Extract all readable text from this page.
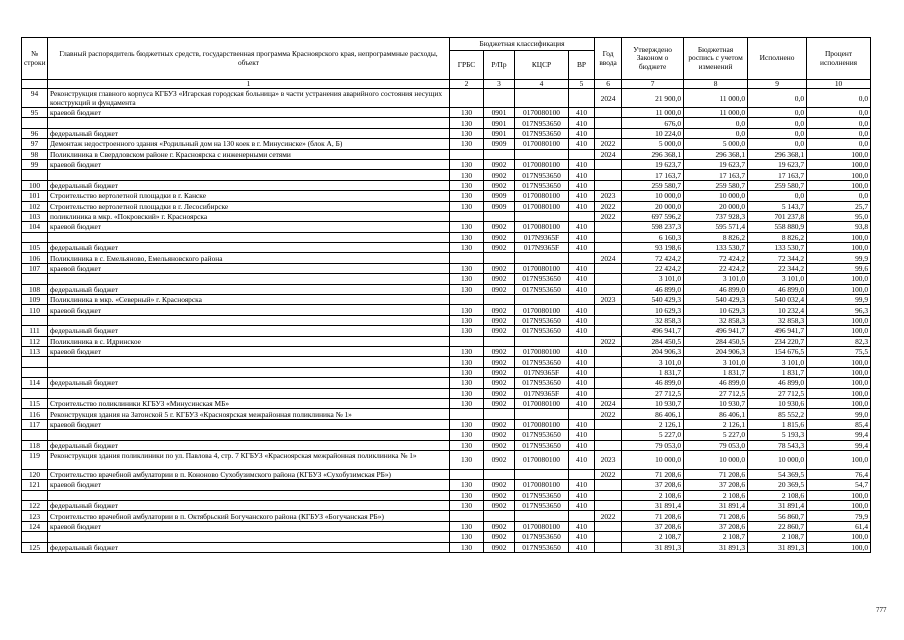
№ строки	Главный распорядитель бюджетных средств, государственная программа Красноярского края, непрограммные расходы, объект	Бюджетная классификация				Год ввода	Утверждено Законом о бюджете	Бюджетная роспись с учетом изменений	Исполнено	Процент исполнения
		ГРБС	Р/Пр	КЦСР	ВР					
	1	2	3	4	5	6	7	8	9	10
94	Реконструкция главного корпуса КГБУЗ «Игарская городская больница» в части устранения аварийного состояния несущих конструкций и фундамента					2024	21 900,0	11 000,0	0,0	0,0
95	краевой бюджет	130	0901	0170080100	410		11 000,0	11 000,0	0,0	0,0
		130	0901	017N953650	410		676,0	0,0	0,0	0,0
96	федеральный бюджет	130	0901	017N953650	410		10 224,0	0,0	0,0	0,0
97	Демонтаж недостроенного здания «Родильный дом на 130 коек в г. Минусинске» (блок А, Б)	130	0909	0170080100	410	2022	5 000,0	5 000,0	0,0	0,0
98	Поликлиника в Свердловском районе г. Красноярска с инженерными сетями					2024	296 368,1	296 368,1	296 368,1	100,0
99	краевой бюджет	130	0902	0170080100	410		19 623,7	19 623,7	19 623,7	100,0
		130	0902	017N953650	410		17 163,7	17 163,7	17 163,7	100,0
100	федеральный бюджет	130	0902	017N953650	410		259 580,7	259 580,7	259 580,7	100,0
101	Строительство вертолетной площадки в г. Канске	130	0909	0170080100	410	2023	10 000,0	10 000,0	0,0	0,0
102	Строительство вертолетной площадки в г. Лесосибирске	130	0909	0170080100	410	2022	20 000,0	20 000,0	5 143,7	25,7
103	поликлиника в мкр. «Покровский» г. Красноярска					2022	697 596,2	737 928,3	701 237,8	95,0
104	краевой бюджет	130	0902	0170080100	410		598 237,3	595 571,4	558 880,9	93,8
		130	0902	017N9365F	410		6 160,3	8 826,2	8 826,2	100,0
105	федеральный бюджет	130	0902	017N9365F	410		93 198,6	133 530,7	133 530,7	100,0
106	Поликлиника в с. Емельяново, Емельяновского района					2024	72 424,2	72 424,2	72 344,2	99,9
107	краевой бюджет	130	0902	0170080100	410		22 424,2	22 424,2	22 344,2	99,6
		130	0902	017N953650	410		3 101,0	3 101,0	3 101,0	100,0
108	федеральный бюджет	130	0902	017N953650	410		46 899,0	46 899,0	46 899,0	100,0
109	Поликлиника в мкр. «Северный» г. Красноярска					2023	540 429,3	540 429,3	540 032,4	99,9
110	краевой бюджет	130	0902	0170080100	410		10 629,3	10 629,3	10 232,4	96,3
		130	0902	017N953650	410		32 858,3	32 858,3	32 858,3	100,0
111	федеральный бюджет	130	0902	017N953650	410		496 941,7	496 941,7	496 941,7	100,0
112	Поликлиника в с. Идринское					2022	284 450,5	284 450,5	234 220,7	82,3
113	краевой бюджет	130	0902	0170080100	410		204 906,3	204 906,3	154 676,5	75,5
		130	0902	017N953650	410		3 101,0	3 101,0	3 101,0	100,0
		130	0902	017N9365F	410		1 831,7	1 831,7	1 831,7	100,0
114	федеральный бюджет	130	0902	017N953650	410		46 899,0	46 899,0	46 899,0	100,0
		130	0902	017N9365F	410		27 712,5	27 712,5	27 712,5	100,0
115	Строительство поликлиники КГБУЗ «Минусинская МБ»	130	0902	0170080100	410	2024	10 930,7	10 930,7	10 930,6	100,0
116	Реконструкция здания на Затонской 5 г. КГБУЗ «Красноярская межрайонная поликлиника № 1»					2022	86 406,1	86 406,1	85 552,2	99,0
117	краевой бюджет	130	0902	0170080100	410		2 126,1	2 126,1	1 815,6	85,4
		130	0902	017N953650	410		5 227,0	5 227,0	5 193,3	99,4
118	федеральный бюджет	130	0902	017N953650	410		79 053,0	79 053,0	78 543,3	99,4
119	Реконструкция здания поликлиники по ул. Павлова 4, стр. 7 КГБУЗ «Красноярская межрайонная поликлиника № 1»	130	0902	0170080100	410	2023	10 000,0	10 000,0	10 000,0	100,0
120	Строительство врачебной амбулатории в п. Кононово Сухобузимского района (КГБУЗ «Сухобузимская РБ»)					2022	71 208,6	71 208,6	54 369,5	76,4
121	краевой бюджет	130	0902	0170080100	410		37 208,6	37 208,6	20 369,5	54,7
		130	0902	017N953650	410		2 108,6	2 108,6	2 108,6	100,0
122	федеральный бюджет	130	0902	017N953650	410		31 891,4	31 891,4	31 891,4	100,0
123	Строительство врачебной амбулатории в п. Октябрьский Богучанского района (КГБУЗ «Богучанская РБ»)					2022	71 208,6	71 208,6	56 860,7	79,9
124	краевой бюджет	130	0902	0170080100	410		37 208,6	37 208,6	22 860,7	61,4
		130	0902	017N953650	410		2 108,7	2 108,7	2 108,7	100,0
125	федеральный бюджет	130	0902	017N953650	410		31 891,3	31 891,3	31 891,3	100,0
777
